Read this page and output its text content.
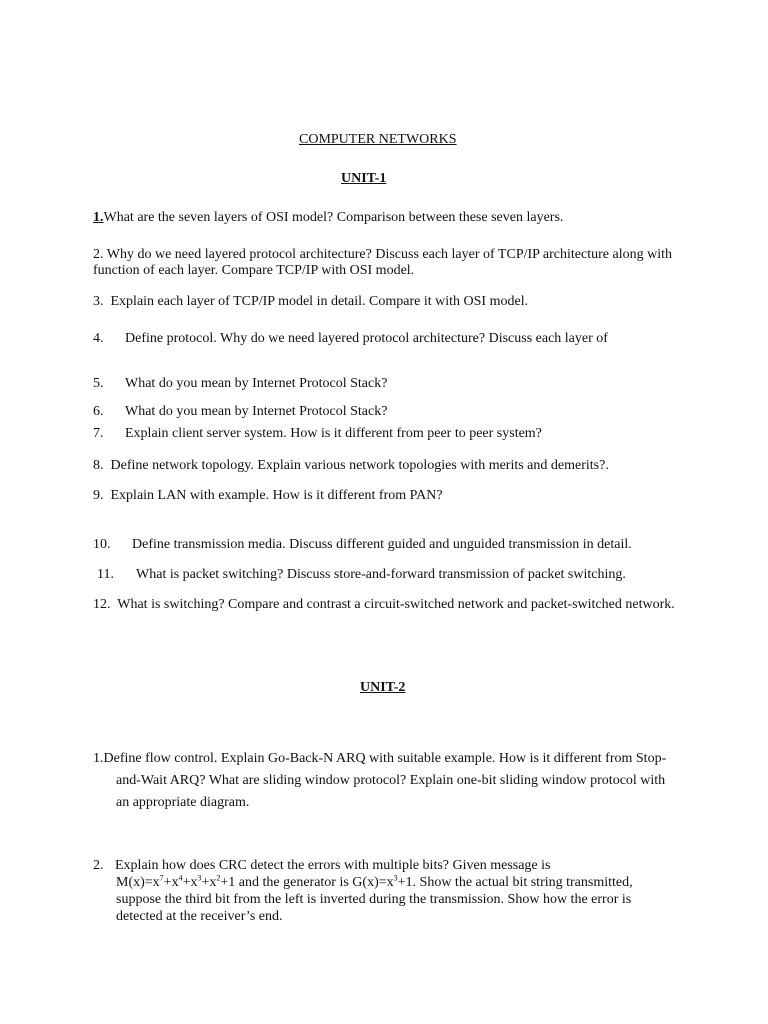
COMPUTER NETWORKS
UNIT-1
1.What are the seven layers of OSI model? Comparison between these seven layers.
2. Why do we need layered protocol architecture? Discuss each layer of TCP/IP architecture along with function of each layer. Compare TCP/IP with OSI model.
3. Explain each layer of TCP/IP model in detail. Compare it with OSI model.
4. Define protocol. Why do we need layered protocol architecture? Discuss each layer of
5. What do you mean by Internet Protocol Stack?
6. What do you mean by Internet Protocol Stack?
7. Explain client server system. How is it different from peer to peer system?
8. Define network topology. Explain various network topologies with merits and demerits?.
9. Explain LAN with example. How is it different from PAN?
10. Define transmission media. Discuss different guided and unguided transmission in detail.
11. What is packet switching? Discuss store-and-forward transmission of packet switching.
12. What is switching? Compare and contrast a circuit-switched network and packet-switched network.
UNIT-2
1.Define flow control. Explain Go-Back-N ARQ with suitable example. How is it different from Stop-
and-Wait ARQ? What are sliding window protocol? Explain one-bit sliding window protocol with
an appropriate diagram.
2. Explain how does CRC detect the errors with multiple bits? Given message is
$M(x)=x^7+x^4+x^3+x^2+1$ and the generator is $G(x)=x^3+1$. Show the actual bit string transmitted,
suppose the third bit from the left is inverted during the transmission. Show how the error is
detected at the receiver’s end.
